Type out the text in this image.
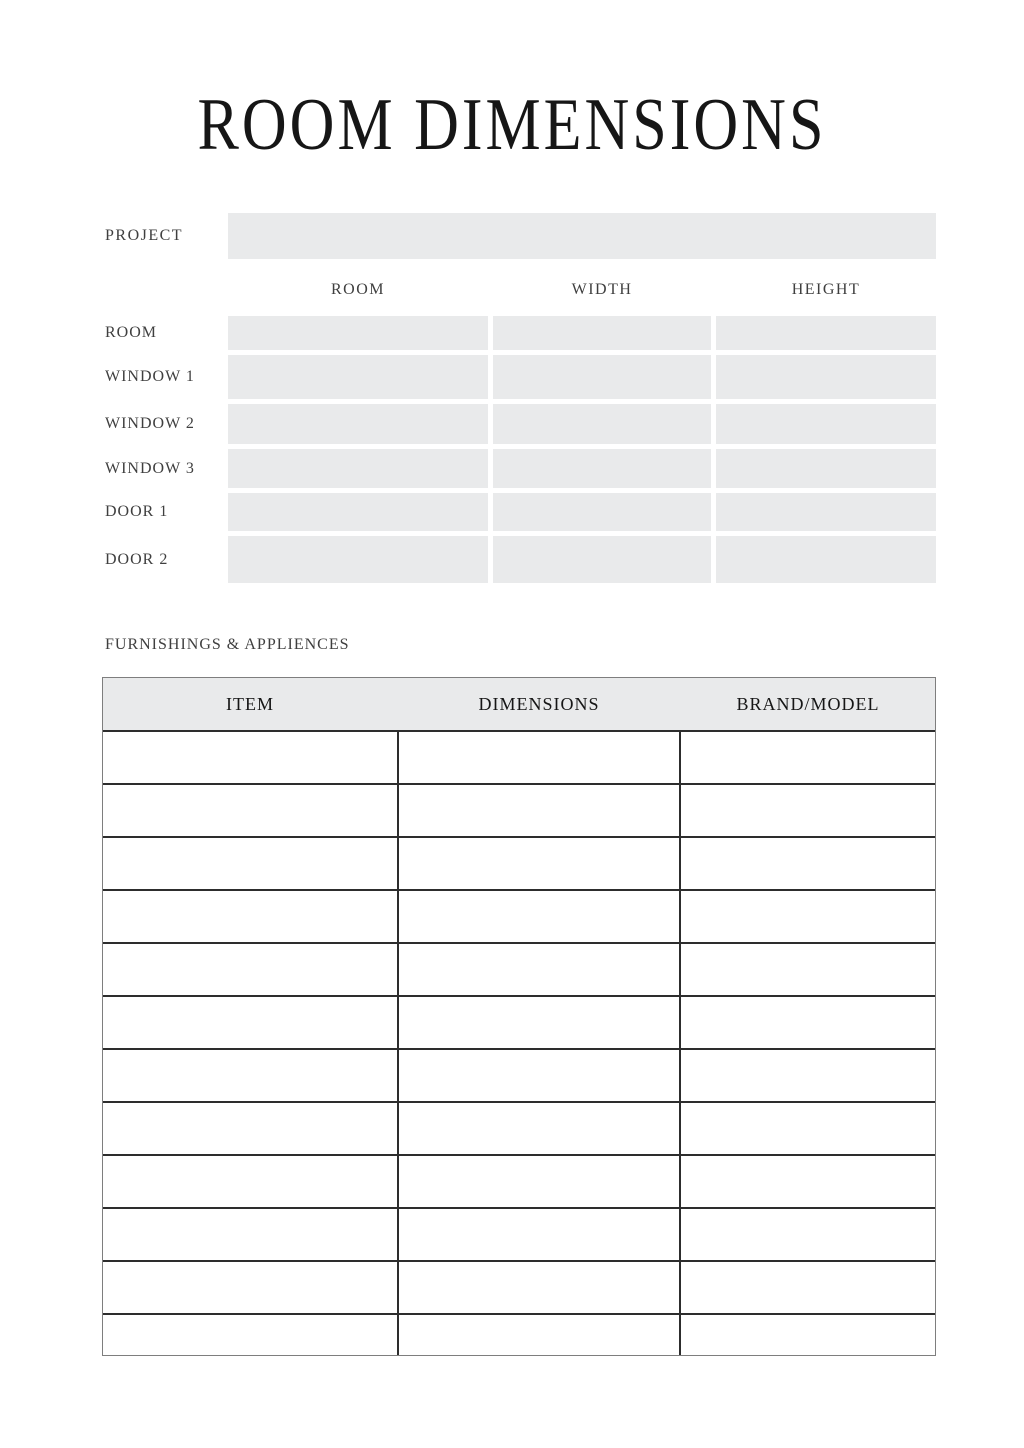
ROOM DIMENSIONS
PROJECT
ROOM	WIDTH	HEIGHT
ROOM
WINDOW 1
WINDOW 2
WINDOW 3
DOOR 1
DOOR 2
FURNISHINGS & APPLIENCES
ITEM	DIMENSIONS	BRAND/MODEL
